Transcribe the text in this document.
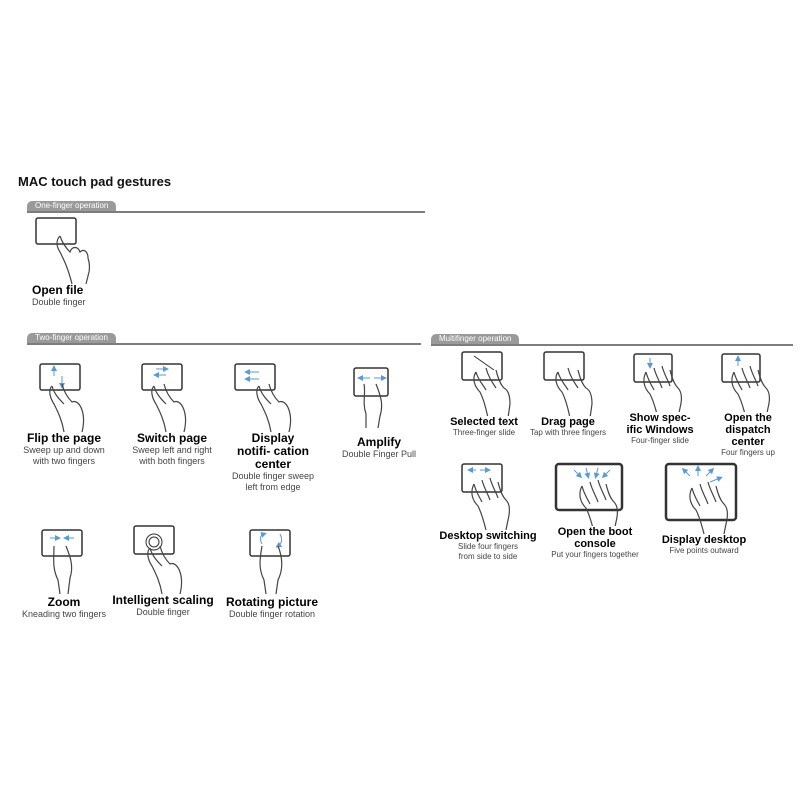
MAC touch pad gestures
One-finger operation
Two-finger operation	Multifinger operation
Open file
Double finger
Flip the page
Sweep up and down with two fingers
Switch page
Sweep left and right with both fingers
Display notifi- cation center
Double finger sweep left from edge
Amplify
Double Finger Pull
Zoom
Kneading two fingers
Intelligent scaling
Double finger
Rotating picture
Double finger rotation
Selected text
Three-finger slide
Drag page
Tap with three fingers
Show spec- ific Windows
Four-finger slide
Open the dispatch center
Four fingers up
Desktop switching
Slide four fingers from side to side
Open the boot console
Put your fingers together
Display desktop
Five points outward
